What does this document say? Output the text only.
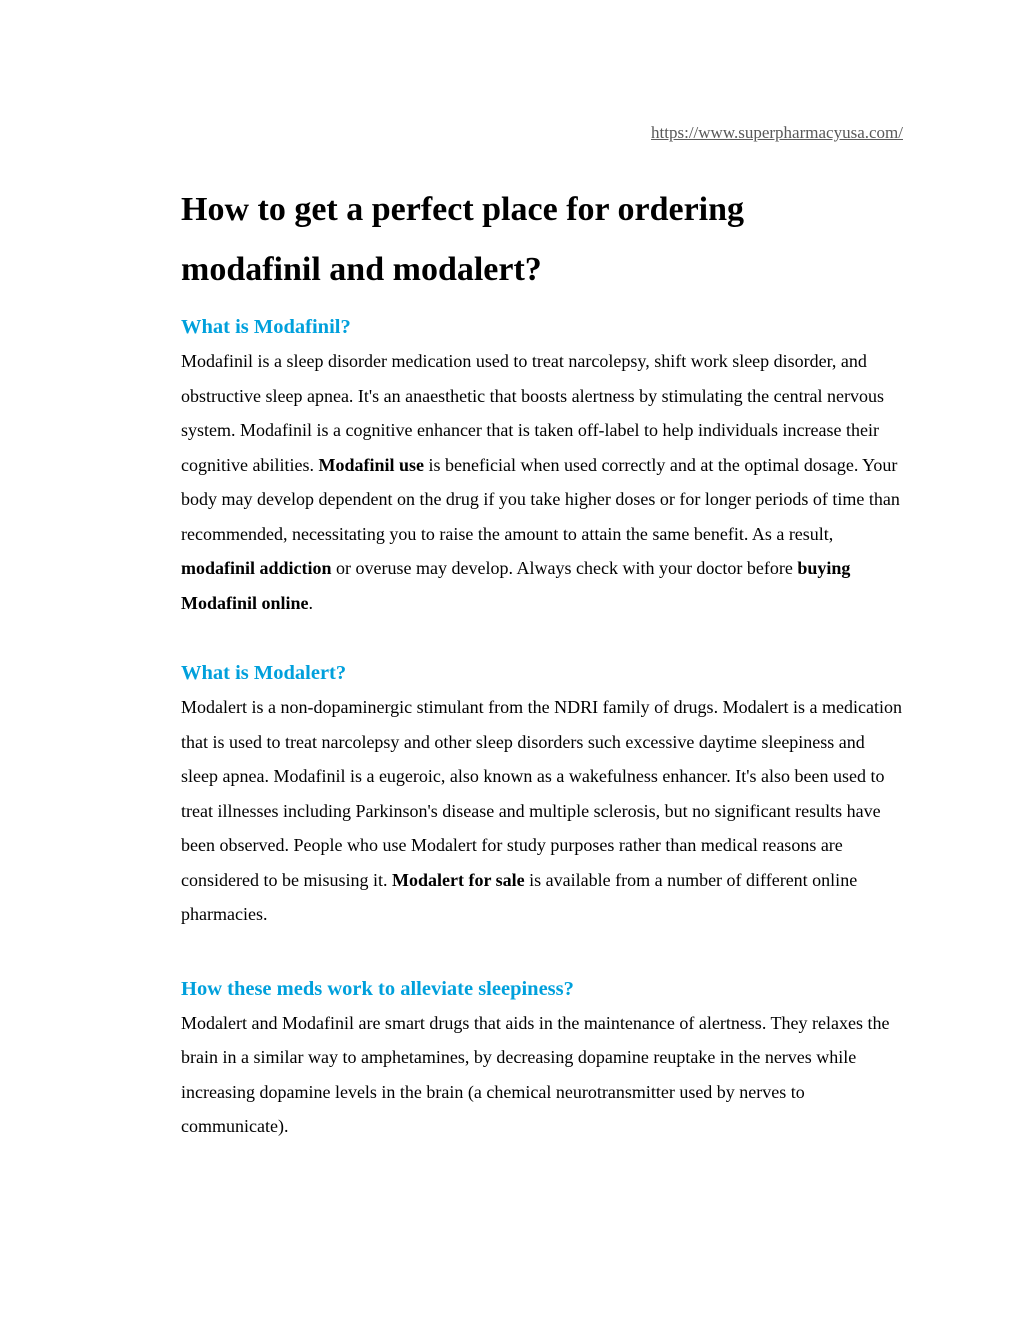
https://www.superpharmacyusa.com/
How to get a perfect place for ordering
modafinil and modalert?
What is Modafinil?

Modafinil is a sleep disorder medication used to treat narcolepsy, shift work sleep disorder, and obstructive sleep apnea. It's an anaesthetic that boosts alertness by stimulating the central nervous system. Modafinil is a cognitive enhancer that is taken off-label to help individuals increase their cognitive abilities. Modafinil use is beneficial when used correctly and at the optimal dosage. Your body may develop dependent on the drug if you take higher doses or for longer periods of time than recommended, necessitating you to raise the amount to attain the same benefit. As a result, modafinil addiction or overuse may develop. Always check with your doctor before buying Modafinil online.

What is Modalert?

Modalert is a non-dopaminergic stimulant from the NDRI family of drugs. Modalert is a medication that is used to treat narcolepsy and other sleep disorders such excessive daytime sleepiness and sleep apnea. Modafinil is a eugeroic, also known as a wakefulness enhancer. It's also been used to treat illnesses including Parkinson's disease and multiple sclerosis, but no significant results have been observed. People who use Modalert for study purposes rather than medical reasons are considered to be misusing it. Modalert for sale is available from a number of different online pharmacies.

How these meds work to alleviate sleepiness?

Modalert and Modafinil are smart drugs that aids in the maintenance of alertness. They relaxes the brain in a similar way to amphetamines, by decreasing dopamine reuptake in the nerves while increasing dopamine levels in the brain (a chemical neurotransmitter used by nerves to communicate).
